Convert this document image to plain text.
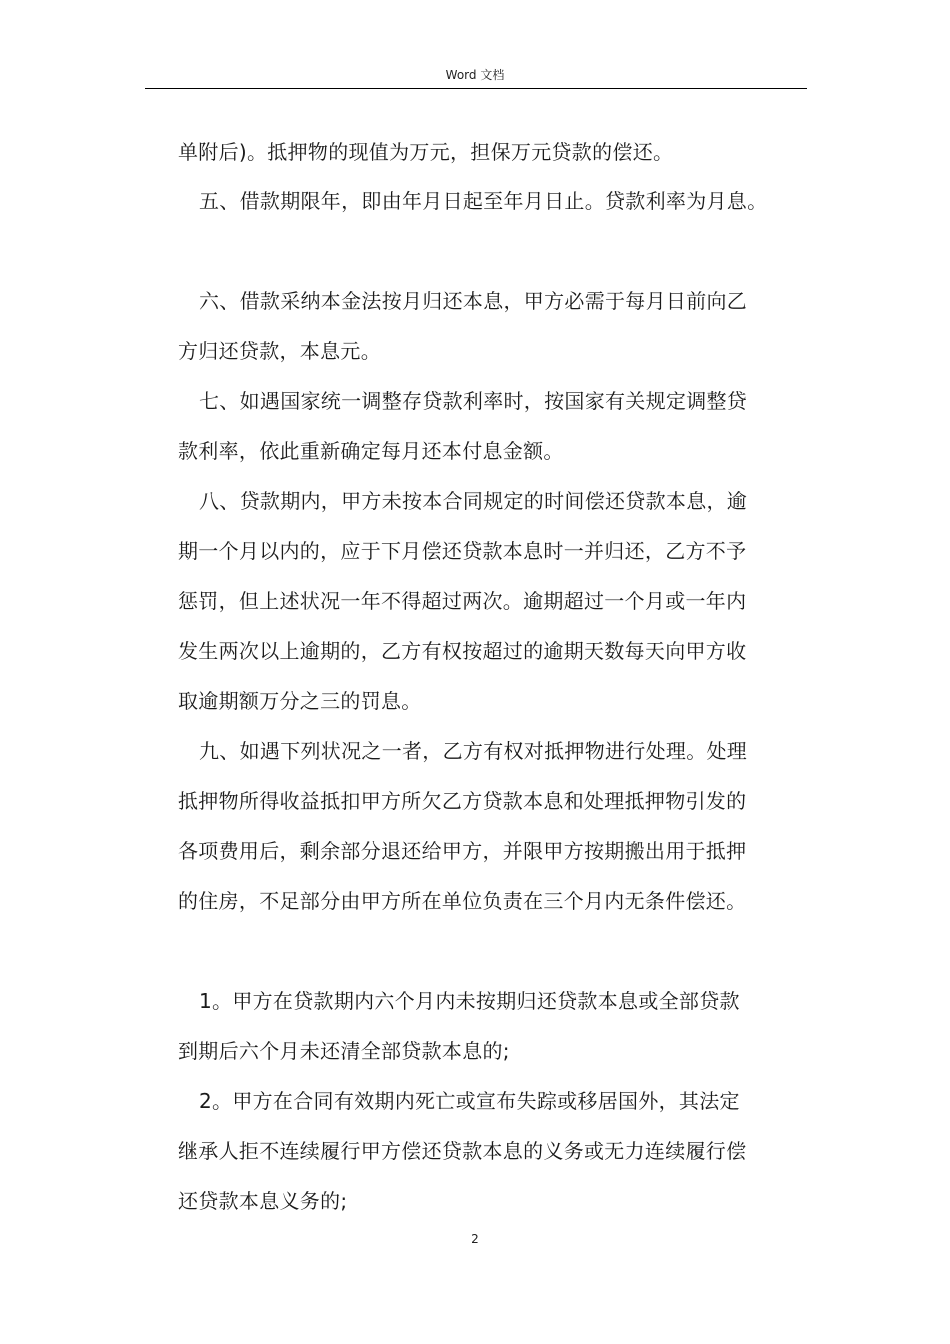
Word 文档
单附后)。抵押物的现值为万元，担保万元贷款的偿还。
五、借款期限年，即由年月日起至年月日止。贷款利率为月息。
六、借款采纳本金法按月归还本息，甲方必需于每月日前向乙
方归还贷款，本息元。
七、如遇国家统一调整存贷款利率时，按国家有关规定调整贷
款利率，依此重新确定每月还本付息金额。
八、贷款期内，甲方未按本合同规定的时间偿还贷款本息，逾
期一个月以内的，应于下月偿还贷款本息时一并归还，乙方不予
惩罚，但上述状况一年不得超过两次。逾期超过一个月或一年内
发生两次以上逾期的，乙方有权按超过的逾期天数每天向甲方收
取逾期额万分之三的罚息。
九、如遇下列状况之一者，乙方有权对抵押物进行处理。处理
抵押物所得收益抵扣甲方所欠乙方贷款本息和处理抵押物引发的
各项费用后，剩余部分退还给甲方，并限甲方按期搬出用于抵押
的住房，不足部分由甲方所在单位负责在三个月内无条件偿还。
1。甲方在贷款期内六个月内未按期归还贷款本息或全部贷款
到期后六个月未还清全部贷款本息的;
2。甲方在合同有效期内死亡或宣布失踪或移居国外，其法定
继承人拒不连续履行甲方偿还贷款本息的义务或无力连续履行偿
还贷款本息义务的;
2
